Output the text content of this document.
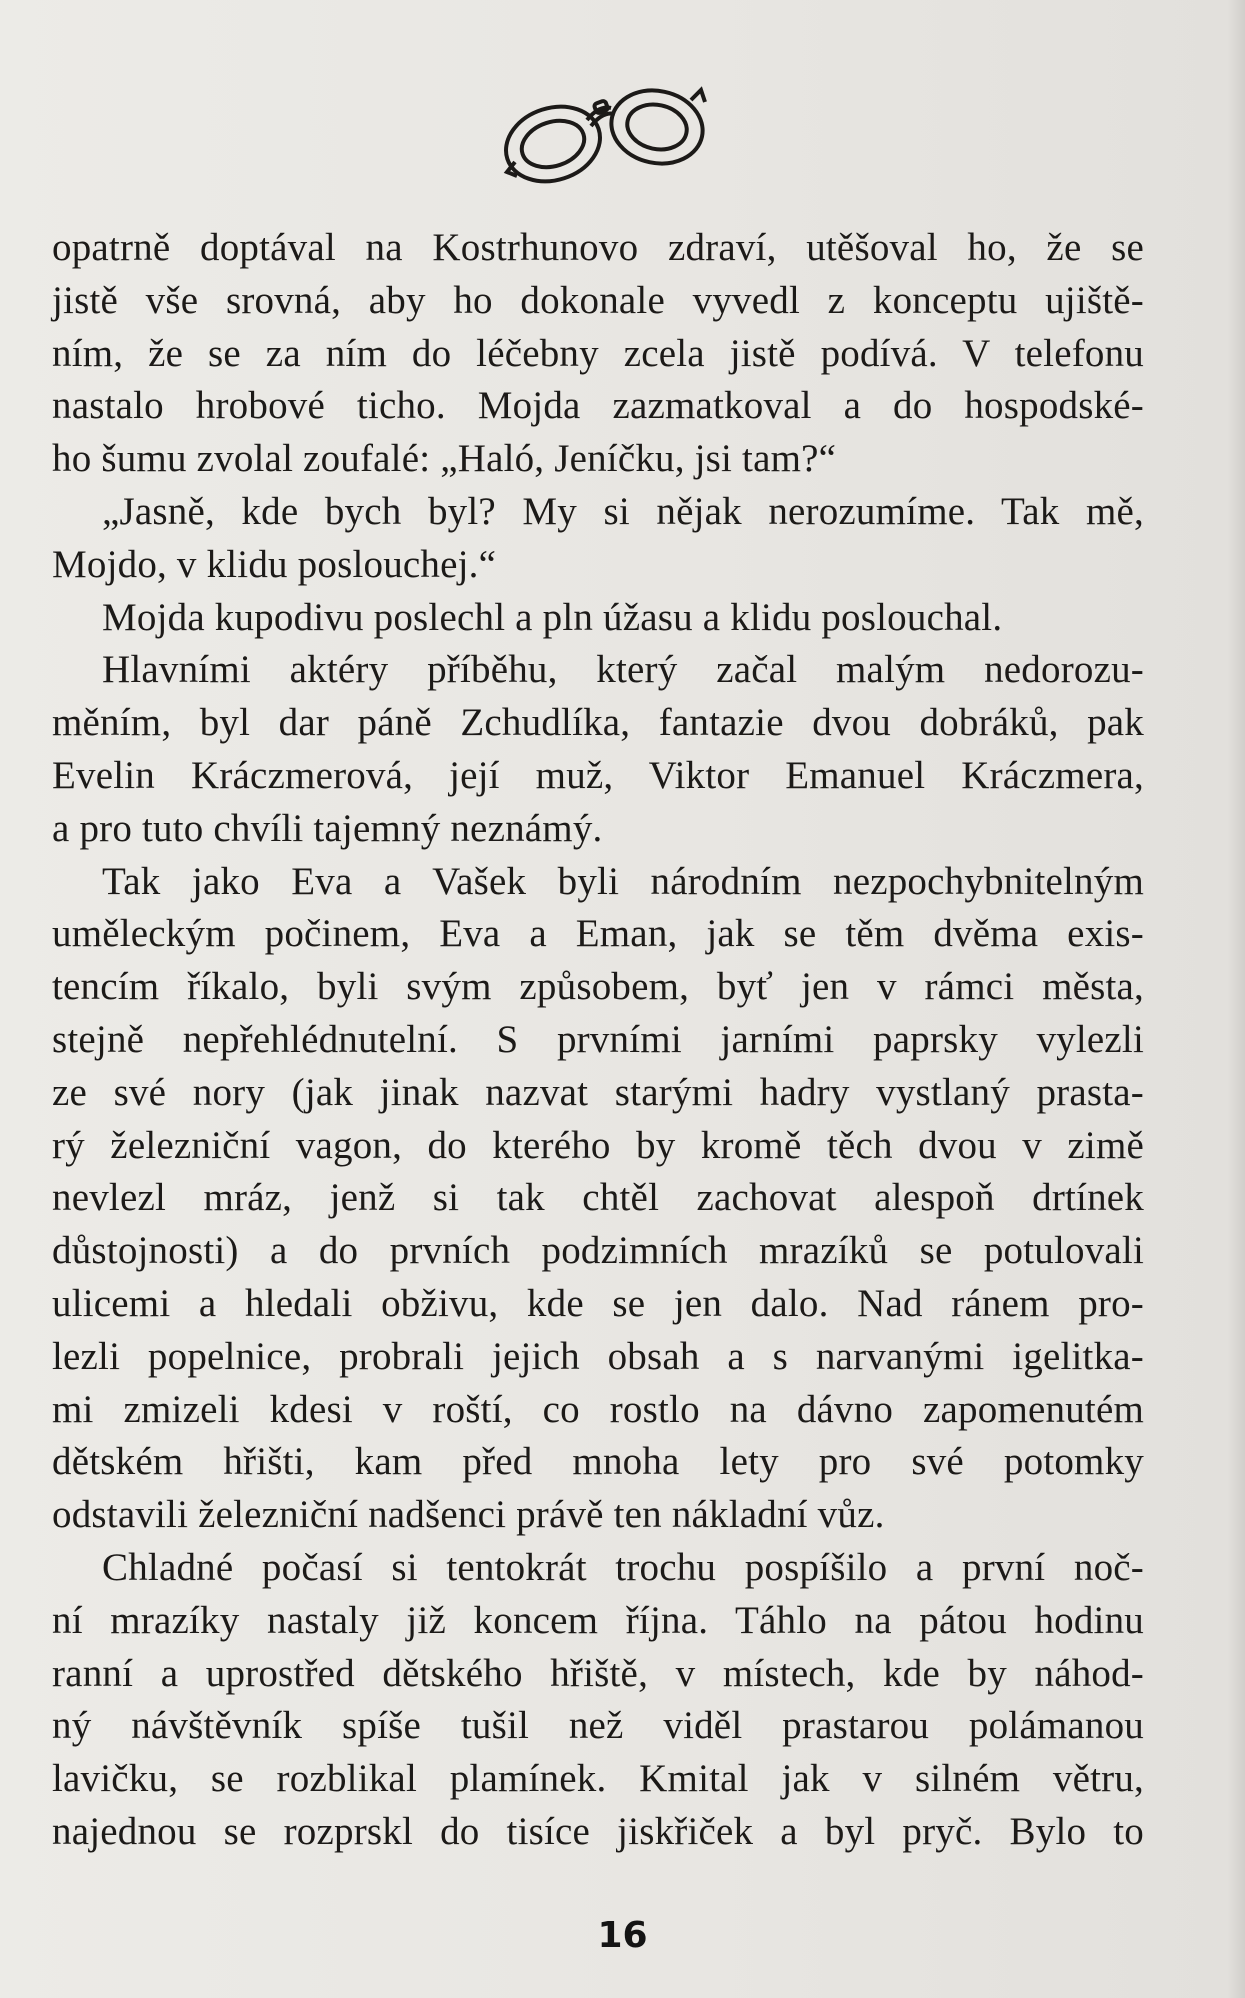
opatrně doptával na Kostrhunovo zdraví, utěšoval ho, že se
jistě vše srovná, aby ho dokonale vyvedl z konceptu ujiště-
ním, že se za ním do léčebny zcela jistě podívá. V telefonu
nastalo hrobové ticho. Mojda zazmatkoval a do hospodské-
ho šumu zvolal zoufalé: „Haló, Jeníčku, jsi tam?“
„Jasně, kde bych byl? My si nějak nerozumíme. Tak mě,
Mojdo, v klidu poslouchej.“
Mojda kupodivu poslechl a pln úžasu a klidu poslouchal.
Hlavními aktéry příběhu, který začal malým nedorozu-
měním, byl dar páně Zchudlíka, fantazie dvou dobráků, pak
Evelin Kráczmerová, její muž, Viktor Emanuel Kráczmera,
a pro tuto chvíli tajemný neznámý.
Tak jako Eva a Vašek byli národním nezpochybnitelným
uměleckým počinem, Eva a Eman, jak se těm dvěma exis-
tencím říkalo, byli svým způsobem, byť jen v rámci města,
stejně nepřehlédnutelní. S prvními jarními paprsky vylezli
ze své nory (jak jinak nazvat starými hadry vystlaný prasta-
rý železniční vagon, do kterého by kromě těch dvou v zimě
nevlezl mráz, jenž si tak chtěl zachovat alespoň drtínek
důstojnosti) a do prvních podzimních mrazíků se potulovali
ulicemi a hledali obživu, kde se jen dalo. Nad ránem pro-
lezli popelnice, probrali jejich obsah a s narvanými igelitka-
mi zmizeli kdesi v roští, co rostlo na dávno zapomenutém
dětském hřišti, kam před mnoha lety pro své potomky
odstavili železniční nadšenci právě ten nákladní vůz.
Chladné počasí si tentokrát trochu pospíšilo a první noč-
ní mrazíky nastaly již koncem října. Táhlo na pátou hodinu
ranní a uprostřed dětského hřiště, v místech, kde by náhod-
ný návštěvník spíše tušil než viděl prastarou polámanou
lavičku, se rozblikal plamínek. Kmital jak v silném větru,
najednou se rozprskl do tisíce jiskřiček a byl pryč. Bylo to
16
